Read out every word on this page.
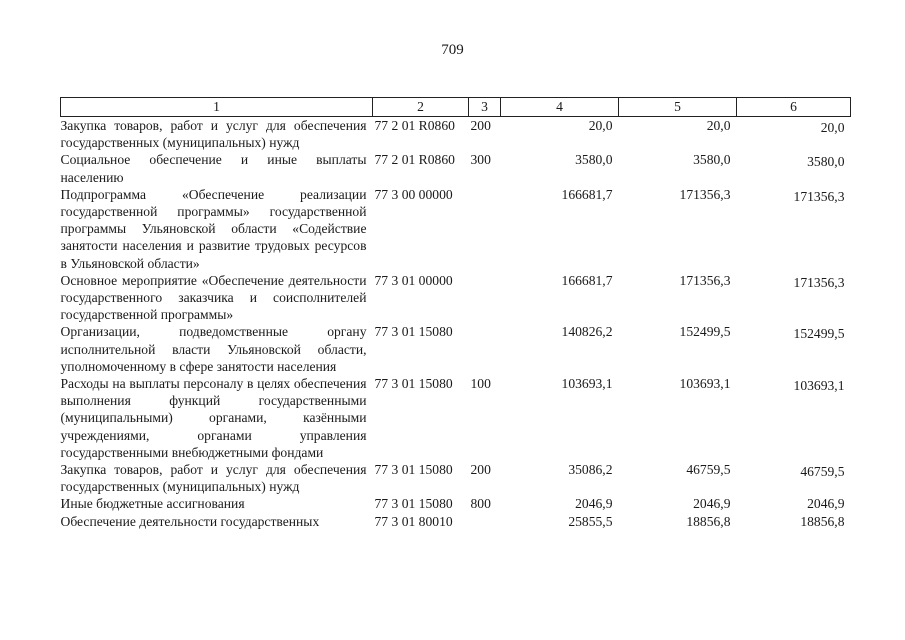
709
1	2	3	4	5	6
Закупка товаров, работ и услуг для обеспечения государственных (муниципальных) нужд	77 2 01 R0860	200	20,0	20,0	20,0
Социальное обеспечение и иные выплаты населению	77 2 01 R0860	300	3580,0	3580,0	3580,0
Подпрограмма «Обеспечение реализации государственной программы» государственной программы Ульяновской области «Содействие занятости населения и развитие трудовых ресурсов в Ульяновской области»	77 3 00 00000		166681,7	171356,3	171356,3
Основное мероприятие «Обеспечение деятельности государственного заказчика и соисполнителей государственной программы»	77 3 01 00000		166681,7	171356,3	171356,3
Организации, подведомственные органу исполнительной власти Ульяновской области, уполномоченному в сфере занятости населения	77 3 01 15080		140826,2	152499,5	152499,5
Расходы на выплаты персоналу в целях обеспечения выполнения функций государственными (муниципальными) органами, казёнными учреждениями, органами управления государственными внебюджетными фондами	77 3 01 15080	100	103693,1	103693,1	103693,1
Закупка товаров, работ и услуг для обеспечения государственных (муниципальных) нужд	77 3 01 15080	200	35086,2	46759,5	46759,5
Иные бюджетные ассигнования	77 3 01 15080	800	2046,9	2046,9	2046,9
Обеспечение деятельности государственных	77 3 01 80010		25855,5	18856,8	18856,8
